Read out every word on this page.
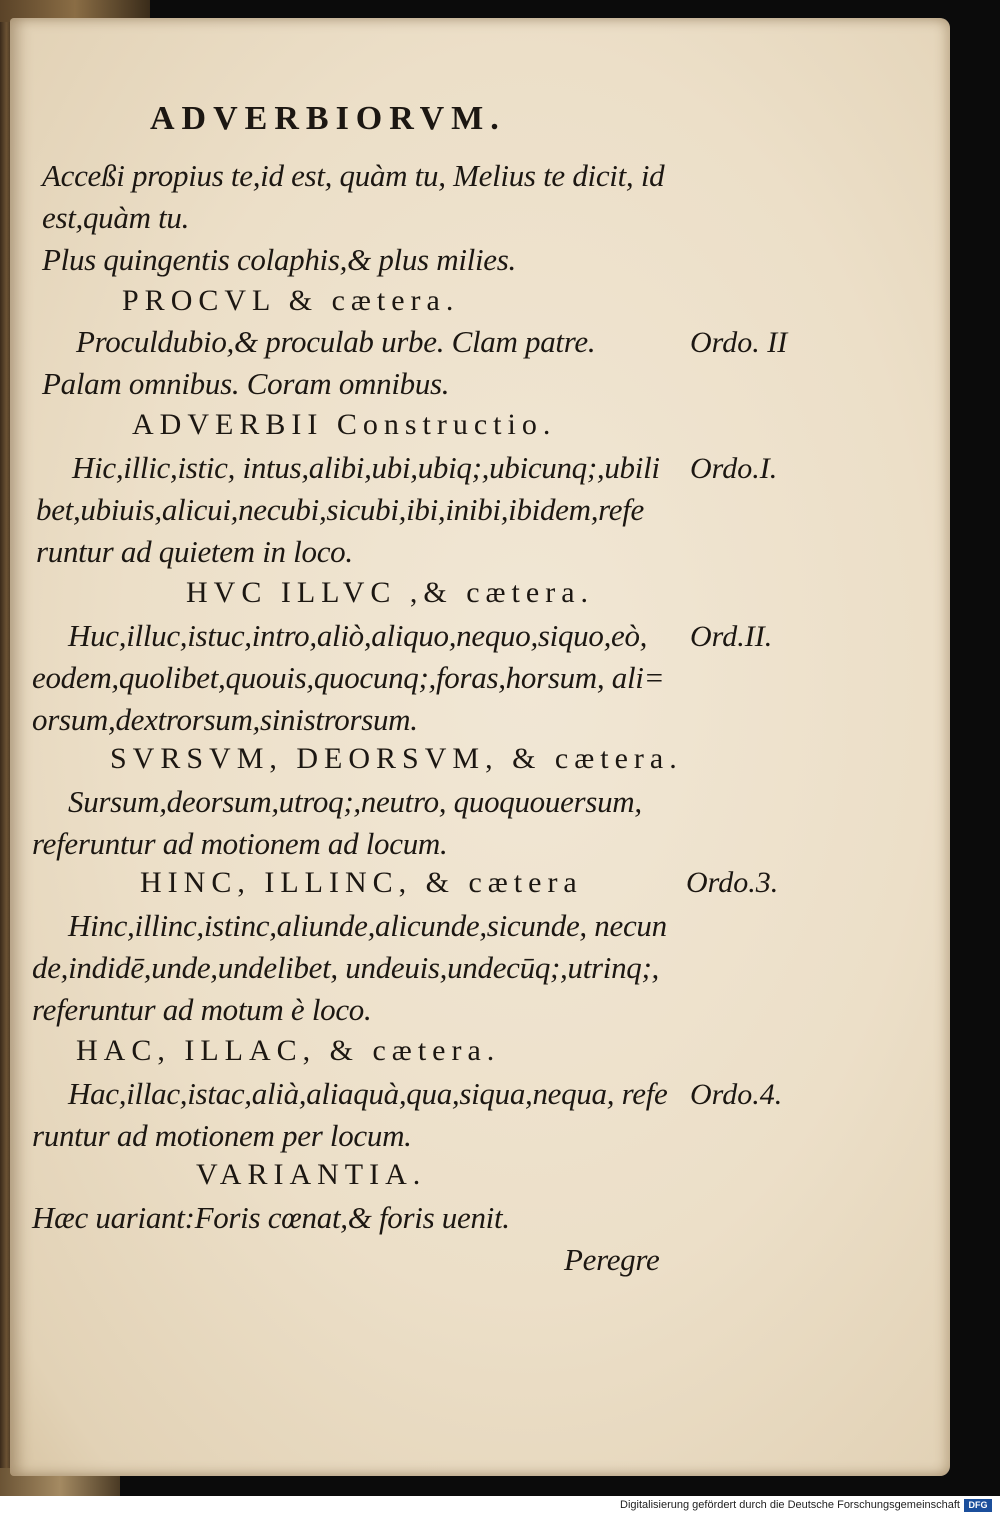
ADVERBIORVM.
Acceßi propius te,id est, quàm tu, Melius te dicit, id
est,quàm tu.
Plus quingentis colaphis,& plus milies.
PROCVL & cætera.
Proculdubio,& proculab urbe. Clam patre.
Palam omnibus. Coram omnibus.
ADVERBII Constructio.
Hic,illic,istic, intus,alibi,ubi,ubiq;,ubicunq;,ubili
bet,ubiuis,alicui,necubi,sicubi,ibi,inibi,ibidem,refe
runtur ad quietem in loco.
HVC ILLVC ,& cætera.
Huc,illuc,istuc,intro,aliò,aliquo,nequo,siquo,eò,
eodem,quolibet,quouis,quocunq;,foras,horsum, ali=
orsum,dextrorsum,sinistrorsum.
SVRSVM, DEORSVM, & cætera.
Sursum,deorsum,utroq;,neutro, quoquouersum,
referuntur ad motionem ad locum.
HINC, ILLINC, & cætera
Hinc,illinc,istinc,aliunde,alicunde,sicunde, necun
de,indidē,unde,undelibet, undeuis,undecūq;,utrinq;,
referuntur ad motum è loco.
HAC, ILLAC, & cætera.
Hac,illac,istac,alià,aliaquà,qua,siqua,nequa, refe
runtur ad motionem per locum.
VARIANTIA.
Hæc uariant:Foris cœnat,& foris uenit.
Peregre
Ordo. II
Ordo.I.
Ord.II.
Ordo.3.
Ordo.4.
Digitalisierung gefördert durch die Deutsche Forschungsgemeinschaft DFG
